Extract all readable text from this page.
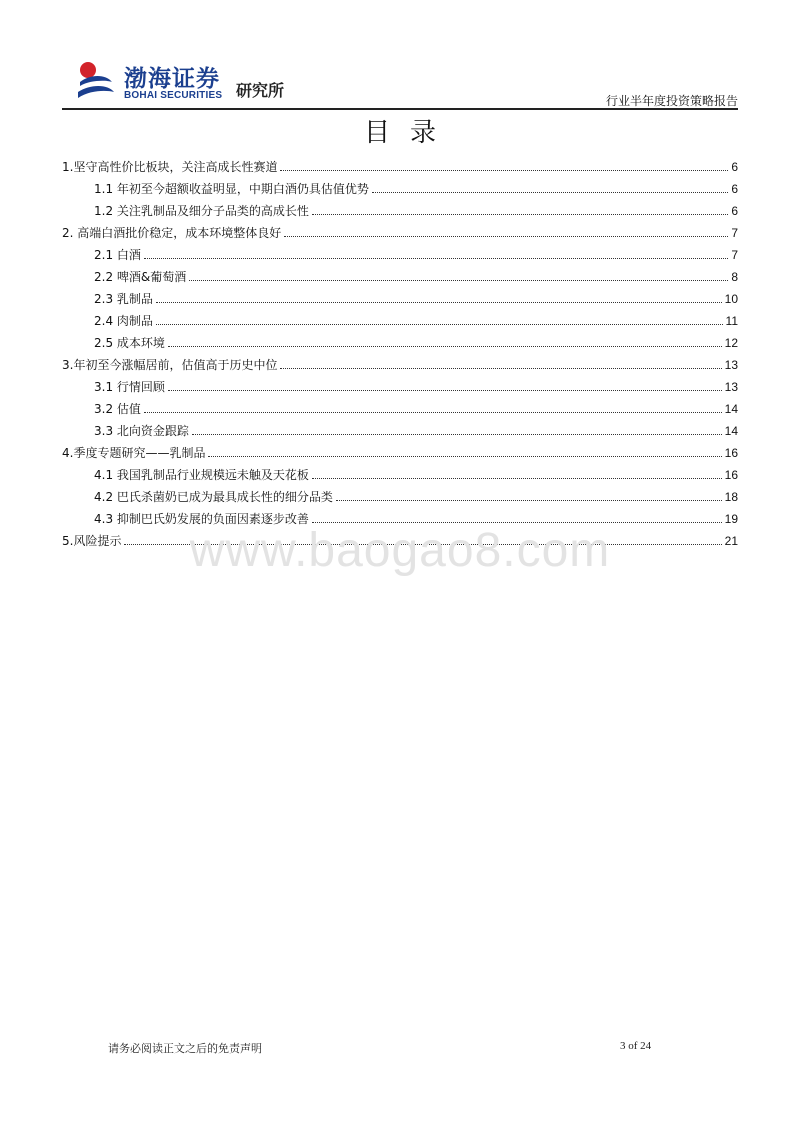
渤海证券
BOHAI SECURITIES 研究所
行业半年度投资策略报告
目录
1.坚守高性价比板块，关注高成长性赛道	6
1.1 年初至今超额收益明显，中期白酒仍具估值优势	6
1.2 关注乳制品及细分子品类的高成长性	6
2. 高端白酒批价稳定，成本环境整体良好	7
2.1 白酒	7
2.2 啤酒&葡萄酒	8
2.3 乳制品	10
2.4 肉制品	11
2.5 成本环境	12
3.年初至今涨幅居前，估值高于历史中位	13
3.1 行情回顾	13
3.2 估值	14
3.3 北向资金跟踪	14
4.季度专题研究——乳制品	16
4.1 我国乳制品行业规模远未触及天花板	16
4.2 巴氏杀菌奶已成为最具成长性的细分品类	18
4.3 抑制巴氏奶发展的负面因素逐步改善	19
5.风险提示	21
www.baogao8.com
请务必阅读正文之后的免责声明	3 of 24
